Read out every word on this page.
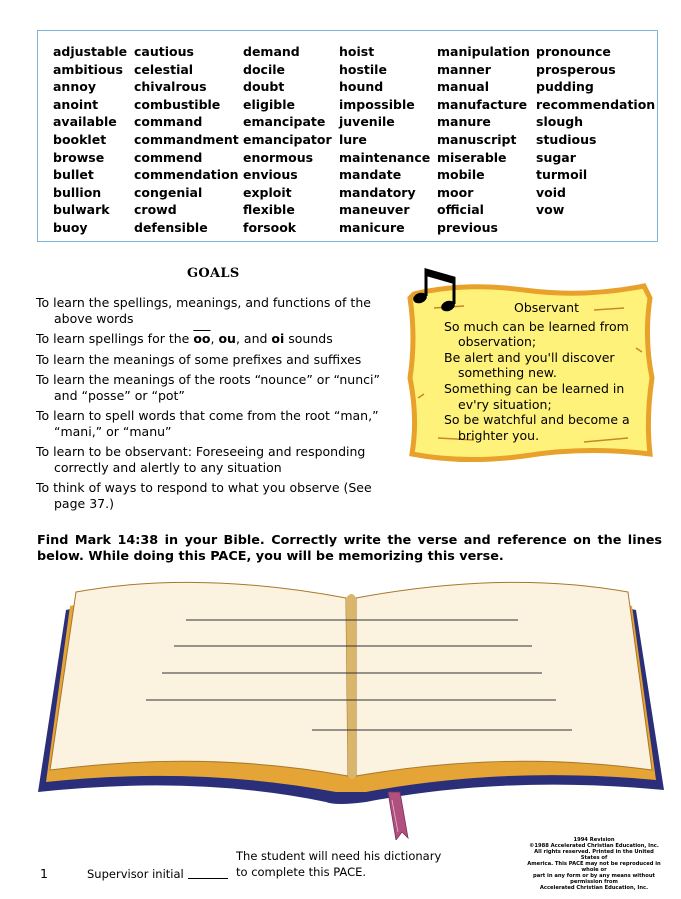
adjustable
ambitious
annoy
anoint
available
booklet
browse
bullet
bullion
bulwark
buoy
cautious
celestial
chivalrous
combustible
command
commandment
commend
commendation
congenial
crowd
defensible
demand
docile
doubt
eligible
emancipate
emancipator
enormous
envious
exploit
flexible
forsook
hoist
hostile
hound
impossible
juvenile
lure
maintenance
mandate
mandatory
maneuver
manicure
manipulation
manner
manual
manufacture
manure
manuscript
miserable
mobile
moor
official
previous
pronounce
prosperous
pudding
recommendation
slough
studious
sugar
turmoil
void
vow
GOALS
To learn the spellings, meanings, and functions of the
above words
To learn spellings for the $\overline{oo}$, ou, and oi sounds
To learn the meanings of some prefixes and suffixes
To learn the meanings of the roots “nounce” or “nunci”
and “posse” or “pot”
To learn to spell words that come from the root “man,”
“mani,” or “manu”
To learn to be observant: Foreseeing and responding
correctly and alertly to any situation
To think of ways to respond to what you observe (See
page 37.)
Observant
So much can be learned from
observation;
Be alert and you'll discover
something new.
Something can be learned in
ev'ry situation;
So be watchful and become a
brighter you.
Find Mark 14:38 in your Bible. Correctly write the verse and reference on the lines below. While doing this PACE, you will be memorizing this verse.
1	Supervisor initial
The student will need his dictionary
to complete this PACE.
1994 Revision
©1988 Accelerated Christian Education, Inc.
All rights reserved. Printed in the United States of
America. This PACE may not be reproduced in whole or
part in any form or by any means without permission from
Accelerated Christian Education, Inc.
